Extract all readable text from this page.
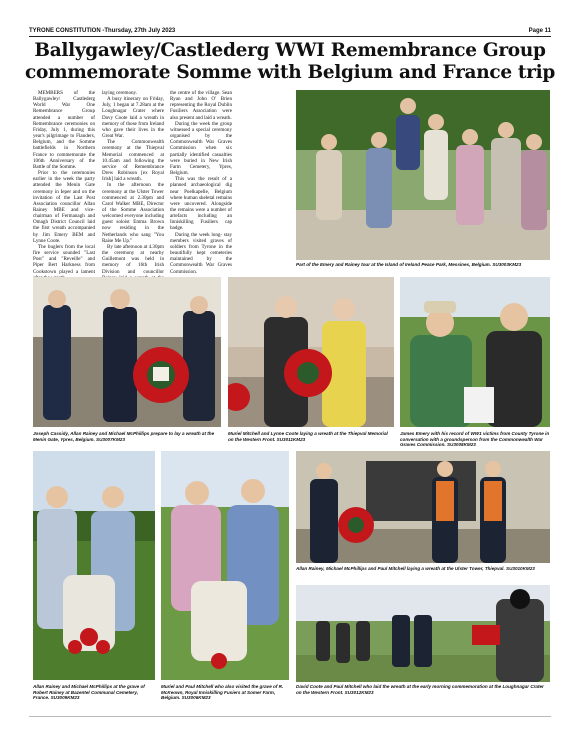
TYRONE CONSTITUTION -Thursday, 27th July 2023	Page 11
Ballygawley/Castlederg WWI Remembrance Group
commemorate Somme with Belgium and France trip

MEMBERS of the Ballygawley/ Castlederg World War One Remembrance Group attended a number of Remembrance ceremonies on Friday, July 1, during this year's pilgrimage to Flanders, Belgium, and the Somme battlefields in Northern France to commemorate the 106th Anniversary of the Battle of the Somme.

Prior to the ceremonies earlier in the week the party attended the Menin Gate ceremony in Ieper and on the invitation of the Last Post Association councillor Allan Rainey MBE and vice-chairman of Fermanagh and Omagh District Council laid the first wreath accompanied by Jim Emery BEM and Lynne Coote.

The buglers from the local fire service sounded "Last Post" and "Reveille" and Piper Bert Harkness from Cookstown played a lament

laying ceremony.

A busy itinerary on Friday, July, 1 began at 7.28am at the Loughnagar Crater where Davy Coote laid a wreath in memory of those from Ireland who gave their lives in the Great War.

The Commonwealth ceremony at the Thiepval Memorial commenced at 10.45am and following the service of Remembrance Drew Robinson [ex Royal Irish] laid a wreath.

In the afternoon the ceremony at the Ulster Tower commenced at 2.30pm and Carol Walker MBE, Director of the Somme Association welcomed everyone including guest soloist Emma Brown now residing in the Netherlands who sang "You Raise Me Up."

By late afternoon at 4.30pm the ceremony at nearby Guillemont was held in memory of 16th Irish Division and councillor

the centre of the village. Sean Ryan and John O' Brien representing the Royal Dublin Fusiliers Association were also present and laid a wreath.

During the week the group witnessed a special ceremony organised by the Commonwealth War Graves Commission when six partially identified casualties were buried in New Irish Farm Cemetery, Ypres, Belgium.

This was the result of a planned archaeological dig near Poelkapelle, Belgium where human skeletal remains were uncovered. Alongside the remains were a number of artefacts including an Inniskilling Fusiliers cap badge.

During the week long- stay members visited graves of soldiers from Tyrone in the beautifully kept cemeteries maintained by the Commonwealth War Graves Commission.

Part of the Emery and Rainey tour at the Island of Ireland Peace Park, Messines, Belgium. SU3003KM23
Joseph Cassidy, Allan Rainey and Michael McPhillips prepare to lay a wreath at the Menin Gate, Ypres, Belgium. SU3007KM23
Muriel Mitchell and Lynne Coote laying a wreath at the Thiepval Memorial on the Western Front. SU3011KM23
James Emery with his record of WW1 victims from County Tyrone in conversation with a groundsperson from the Commonwealth War Graves Commission. SU3008KM23
Allan Rainey and Michael McPhillips at the grave of Robert Rainey at Bazentel Communal Cemetery, France. SU3009KM23
Muriel and Paul Mitchell who also visited the grave of R. McKeown, Royal Inniskilling Fusiers at Somer Farm, Belgium. SU3006KM23
Allan Rainey, Michael McPhillips and Paul Mitchell laying a wreath at the Ulster Tower, Thiepval. SU3010KM23
David Coote and Paul Mitchell who laid the wreath at the early morning commemoration at the Loughnagar Crater on the Western Front. SU3012KM23
